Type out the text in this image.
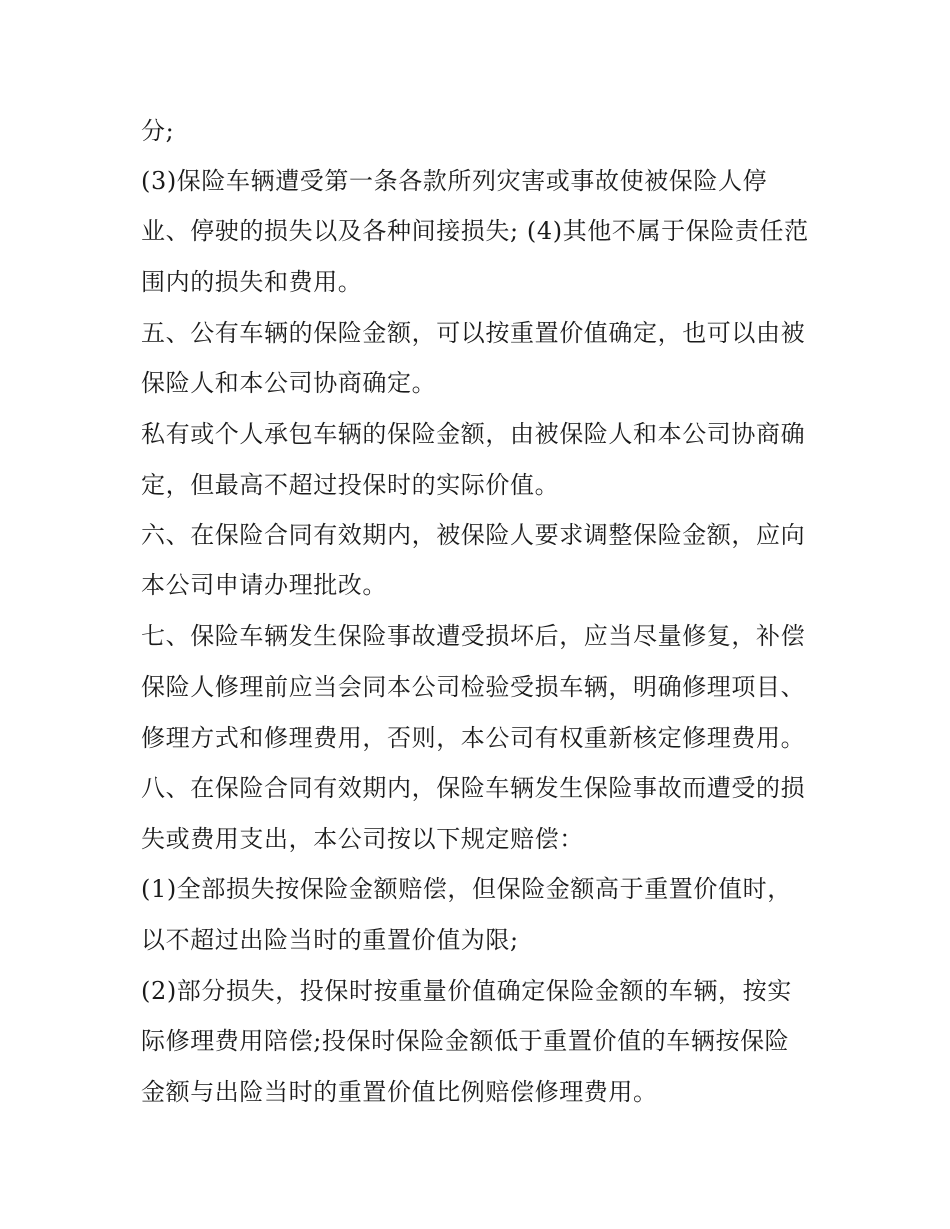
分;
(3)保险车辆遭受第一条各款所列灾害或事故使被保险人停
业、停驶的损失以及各种间接损失; (4)其他不属于保险责任范
围内的损失和费用。
五、公有车辆的保险金额，可以按重置价值确定，也可以由被
保险人和本公司协商确定。
私有或个人承包车辆的保险金额，由被保险人和本公司协商确
定，但最高不超过投保时的实际价值。
六、在保险合同有效期内，被保险人要求调整保险金额，应向
本公司申请办理批改。
七、保险车辆发生保险事故遭受损坏后，应当尽量修复，补偿
保险人修理前应当会同本公司检验受损车辆，明确修理项目、
修理方式和修理费用，否则，本公司有权重新核定修理费用。
八、在保险合同有效期内，保险车辆发生保险事故而遭受的损
失或费用支出，本公司按以下规定赔偿：
(1)全部损失按保险金额赔偿，但保险金额高于重置价值时，
以不超过出险当时的重置价值为限;
(2)部分损失，投保时按重量价值确定保险金额的车辆，按实
际修理费用陪偿;投保时保险金额低于重置价值的车辆按保险
金额与出险当时的重置价值比例赔偿修理费用。
